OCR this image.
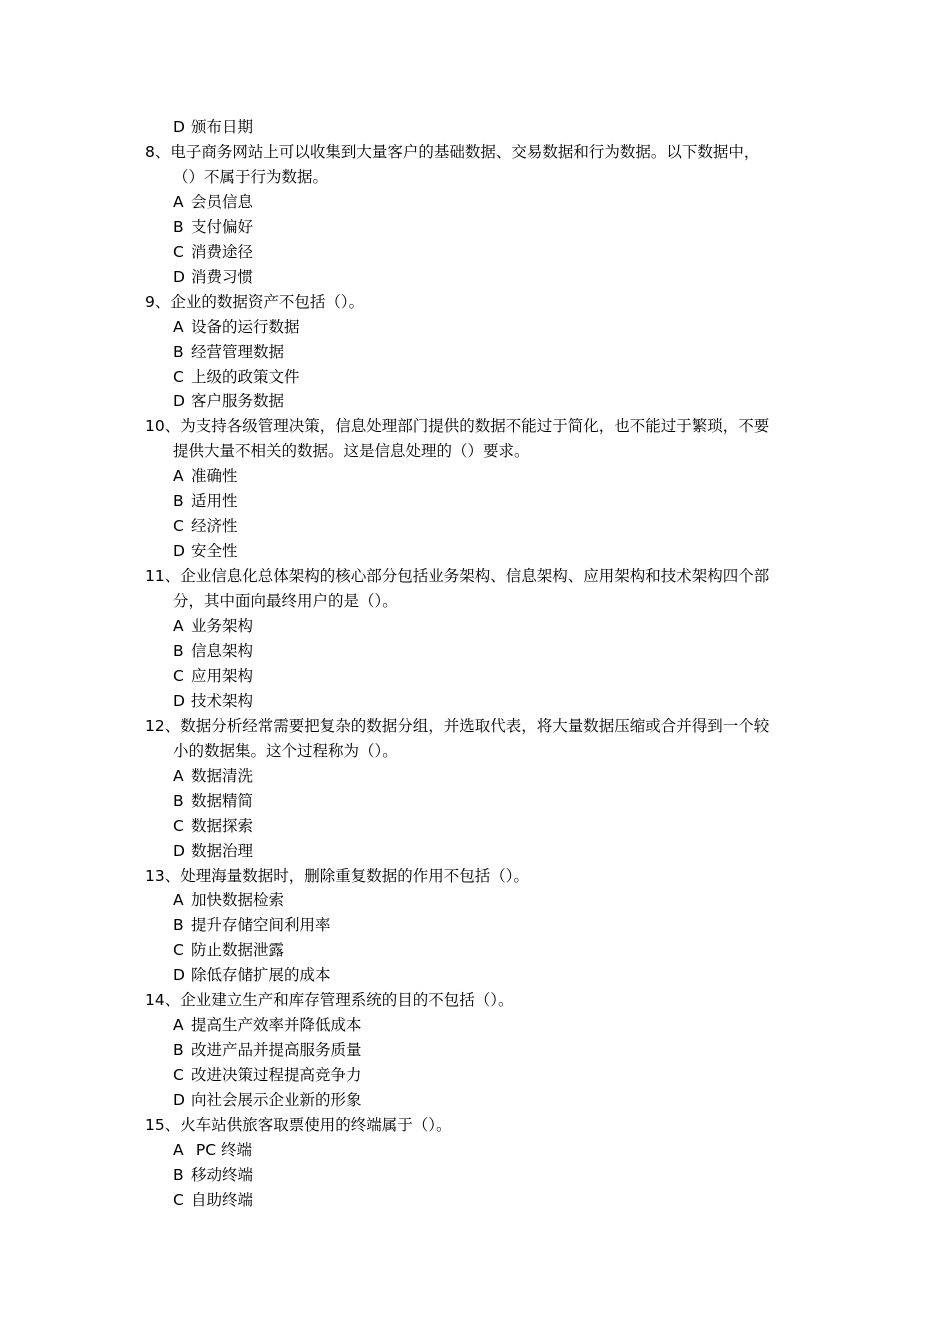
D 颁布日期
8、电子商务网站上可以收集到大量客户的基础数据、交易数据和行为数据。以下数据中，
（）不属于行为数据。
A 会员信息
B 支付偏好
C 消费途径
D 消费习惯
9、企业的数据资产不包括（）。
A 设备的运行数据
B 经营管理数据
C 上级的政策文件
D 客户服务数据
10、为支持各级管理决策，信息处理部门提供的数据不能过于简化，也不能过于繁琐，不要
提供大量不相关的数据。这是信息处理的（）要求。
A 准确性
B 适用性
C 经济性
D 安全性
11、企业信息化总体架构的核心部分包括业务架构、信息架构、应用架构和技术架构四个部
分，其中面向最终用户的是（）。
A 业务架构
B 信息架构
C 应用架构
D 技术架构
12、数据分析经常需要把复杂的数据分组，并选取代表，将大量数据压缩或合并得到一个较
小的数据集。这个过程称为（）。
A 数据清洗
B 数据精简
C 数据探索
D 数据治理
13、处理海量数据时，删除重复数据的作用不包括（）。
A 加快数据检索
B 提升存储空间利用率
C 防止数据泄露
D 除低存储扩展的成本
14、企业建立生产和库存管理系统的目的不包括（）。
A 提高生产效率并降低成本
B 改进产品并提高服务质量
C 改进决策过程提高竞争力
D 向社会展示企业新的形象
15、火车站供旅客取票使用的终端属于（）。
A PC 终端
B 移动终端
C 自助终端
